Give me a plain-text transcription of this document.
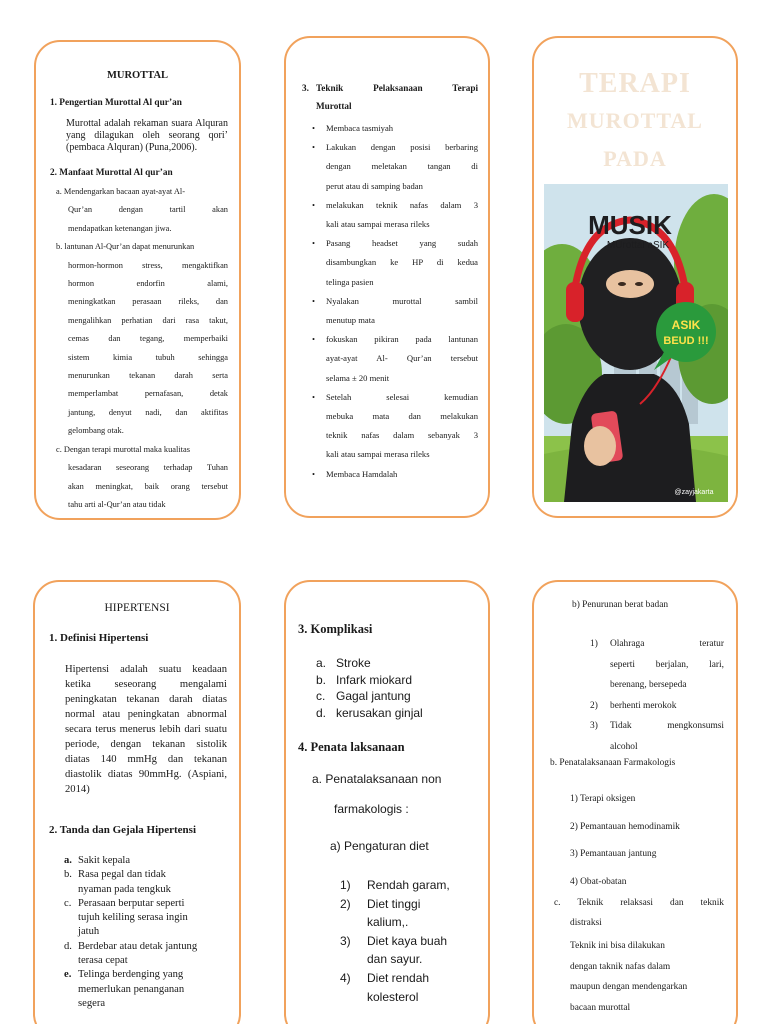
MUROTTAL
1. Pengertian Murottal Al qur’an
Murottal adalah rekaman suara Alquran yang dilagukan oleh seorang qori’ (pembaca Alquran) (Puna,2006).
2. Manfaat Murottal Al qur’an
a. Mendengarkan bacaan ayat-ayat Al-
Qur’an dengan tartil akan
mendapatkan ketenangan jiwa.
b. lantunan Al-Qur’an dapat menurunkan
hormon-hormon stress, mengaktifkan
hormon endorfin alami,
meningkatkan perasaan rileks, dan
mengalihkan perhatian dari rasa takut,
cemas dan tegang, memperbaiki
sistem kimia tubuh sehingga
menurunkan tekanan darah serta
memperlambat pernafasan, detak
jantung, denyut nadi, dan aktifitas
gelombang otak.
c. Dengan terapi murottal maka kualitas
kesadaran seseorang terhadap Tuhan
akan meningkat, baik orang tersebut
tahu arti al-Qur’an atau tidak
3. Teknik Pelaksanaan Terapi
Murottal
• Membaca tasmiyah
• Lakukan dengan posisi berbaring
dengan meletakan tangan di
perut atau di samping badan
• melakukan teknik nafas dalam 3
kali atau sampai merasa rileks
• Pasang headset yang sudah
disambungkan ke HP di kedua
telinga pasien
• Nyalakan murottal sambil
menutup mata
• fokuskan pikiran pada lantunan
ayat-ayat Al- Qur’an tersebut
selama ± 20 menit
• Setelah selesai kemudian
mebuka mata dan melakukan
teknik nafas dalam sebanyak 3
kali atau sampai merasa rileks
• Membaca Hamdalah
TERAPI
MUROTTAL
PADA
MUSIK
MUrottal aSIK
ASIK
BEUD !!!
@zayjakarta
HIPERTENSI
1. Definisi Hipertensi
Hipertensi adalah suatu keadaan ketika seseorang mengalami peningkatan tekanan darah diatas normal atau peningkatan abnormal secara terus menerus lebih dari suatu periode, dengan tekanan sistolik diatas 140 mmHg dan tekanan diastolik diatas 90mmHg. (Aspiani, 2014)
2. Tanda dan Gejala Hipertensi
a. Sakit kepala
b. Rasa pegal dan tidak
nyaman pada tengkuk
c. Perasaan berputar seperti
tujuh keliling serasa ingin
jatuh
d. Berdebar atau detak jantung
terasa cepat
e. Telinga berdenging yang
memerlukan penanganan
segera
3. Komplikasi
a. Stroke
b. Infark miokard
c. Gagal jantung
d. kerusakan ginjal
4. Penata laksanaan
a. Penatalaksanaan non
farmakologis :
a) Pengaturan diet
1) Rendah garam,
2) Diet tinggi
kalium,.
3) Diet kaya buah
dan sayur.
4) Diet rendah
kolesterol
b) Penurunan berat badan
1) Olahraga teratur
seperti berjalan, lari,
berenang, bersepeda
2) berhenti merokok
3) Tidak mengkonsumsi
alcohol
b. Penatalaksanaan Farmakologis
1) Terapi oksigen
2) Pemantauan hemodinamik
3) Pemantauan jantung
4) Obat-obatan
c. Teknik relaksasi dan teknik
distraksi
Teknik ini bisa dilakukan
dengan taknik nafas dalam
maupun dengan mendengarkan
bacaan murottal
